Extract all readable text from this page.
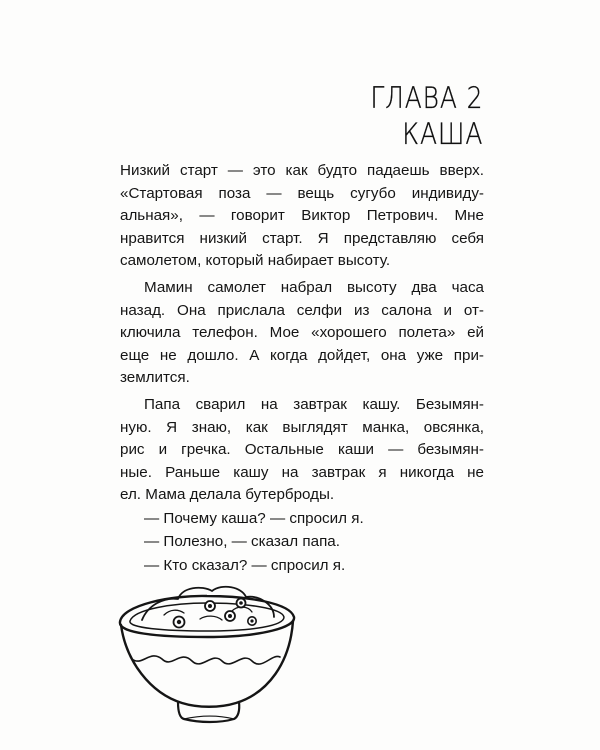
ГЛАВА 2
КАША
Низкий старт — это как будто падаешь вверх.
«Стартовая поза — вещь сугубо индивиду-
альная», — говорит Виктор Петрович. Мне
нравится низкий старт. Я представляю себя
самолетом, который набирает высоту.
Мамин самолет набрал высоту два часа
назад. Она прислала селфи из салона и от-
ключила телефон. Мое «хорошего полета» ей
еще не дошло. А когда дойдет, она уже при-
землится.
Папа сварил на завтрак кашу. Безымян-
ную. Я знаю, как выглядят манка, овсянка,
рис и гречка. Остальные каши — безымян-
ные. Раньше кашу на завтрак я никогда не
ел. Мама делала бутерброды.
— Почему каша? — спросил я.
— Полезно, — сказал папа.
— Кто сказал? — спросил я.
